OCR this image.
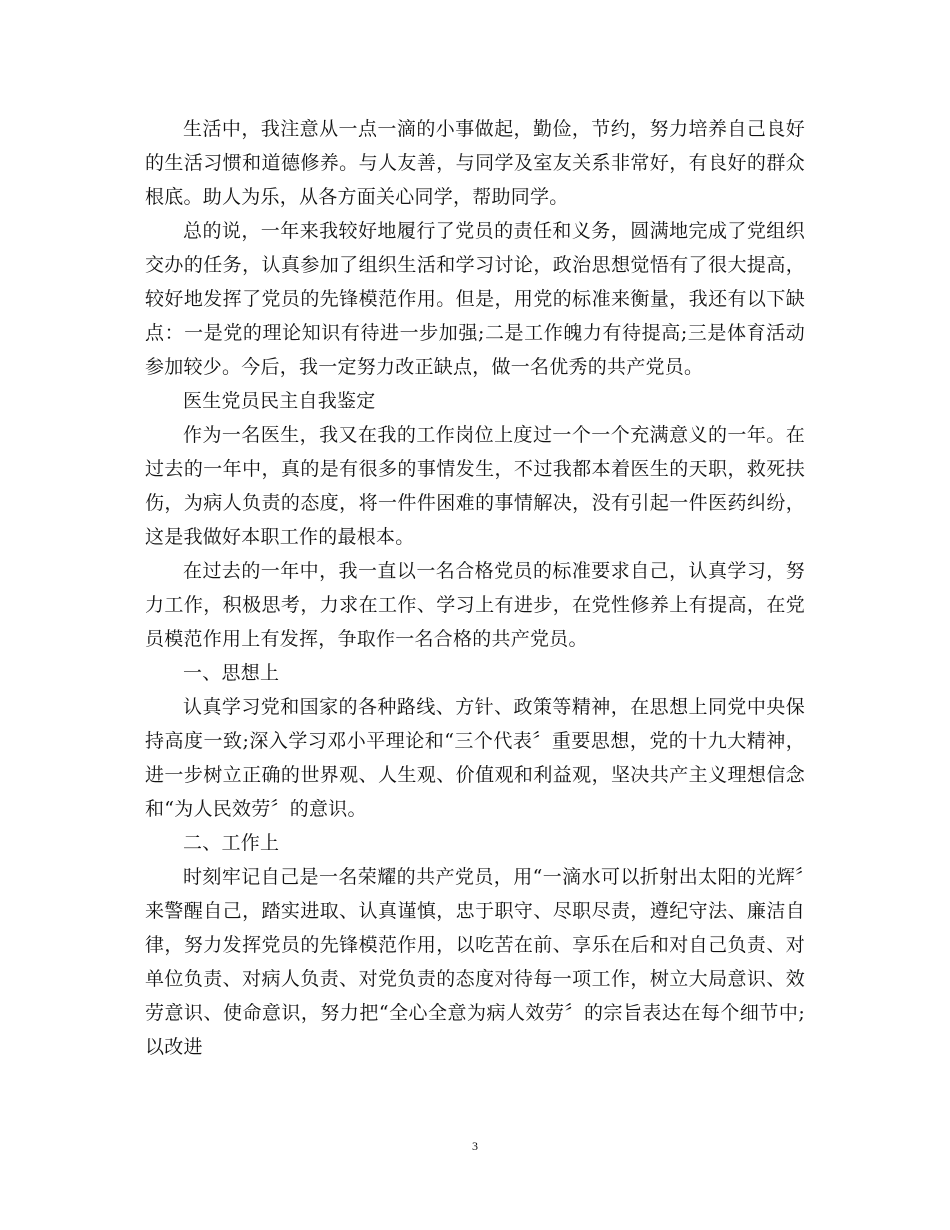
生活中，我注意从一点一滴的小事做起，勤俭，节约，努力培养自己良好的生活习惯和道德修养。与人友善，与同学及室友关系非常好，有良好的群众根底。助人为乐，从各方面关心同学，帮助同学。

总的说，一年来我较好地履行了党员的责任和义务，圆满地完成了党组织交办的任务，认真参加了组织生活和学习讨论，政治思想觉悟有了很大提高，较好地发挥了党员的先锋模范作用。但是，用党的标准来衡量，我还有以下缺点：一是党的理论知识有待进一步加强;二是工作魄力有待提高;三是体育活动参加较少。今后，我一定努力改正缺点，做一名优秀的共产党员。

医生党员民主自我鉴定

作为一名医生，我又在我的工作岗位上度过一个一个充满意义的一年。在过去的一年中，真的是有很多的事情发生，不过我都本着医生的天职，救死扶伤，为病人负责的态度，将一件件困难的事情解决，没有引起一件医药纠纷，这是我做好本职工作的最根本。

在过去的一年中，我一直以一名合格党员的标准要求自己，认真学习，努力工作，积极思考，力求在工作、学习上有进步，在党性修养上有提高，在党员模范作用上有发挥，争取作一名合格的共产党员。

一、思想上

认真学习党和国家的各种路线、方针、政策等精神，在思想上同党中央保持高度一致;深入学习邓小平理论和“三个代表〞重要思想，党的十九大精神，进一步树立正确的世界观、人生观、价值观和利益观，坚决共产主义理想信念和“为人民效劳〞的意识。

二、工作上

时刻牢记自己是一名荣耀的共产党员，用“一滴水可以折射出太阳的光辉〞来警醒自己，踏实进取、认真谨慎，忠于职守、尽职尽责，遵纪守法、廉洁自律，努力发挥党员的先锋模范作用，以吃苦在前、享乐在后和对自己负责、对单位负责、对病人负责、对党负责的态度对待每一项工作，树立大局意识、效劳意识、使命意识，努力把“全心全意为病人效劳〞的宗旨表达在每个细节中;以改进

3
